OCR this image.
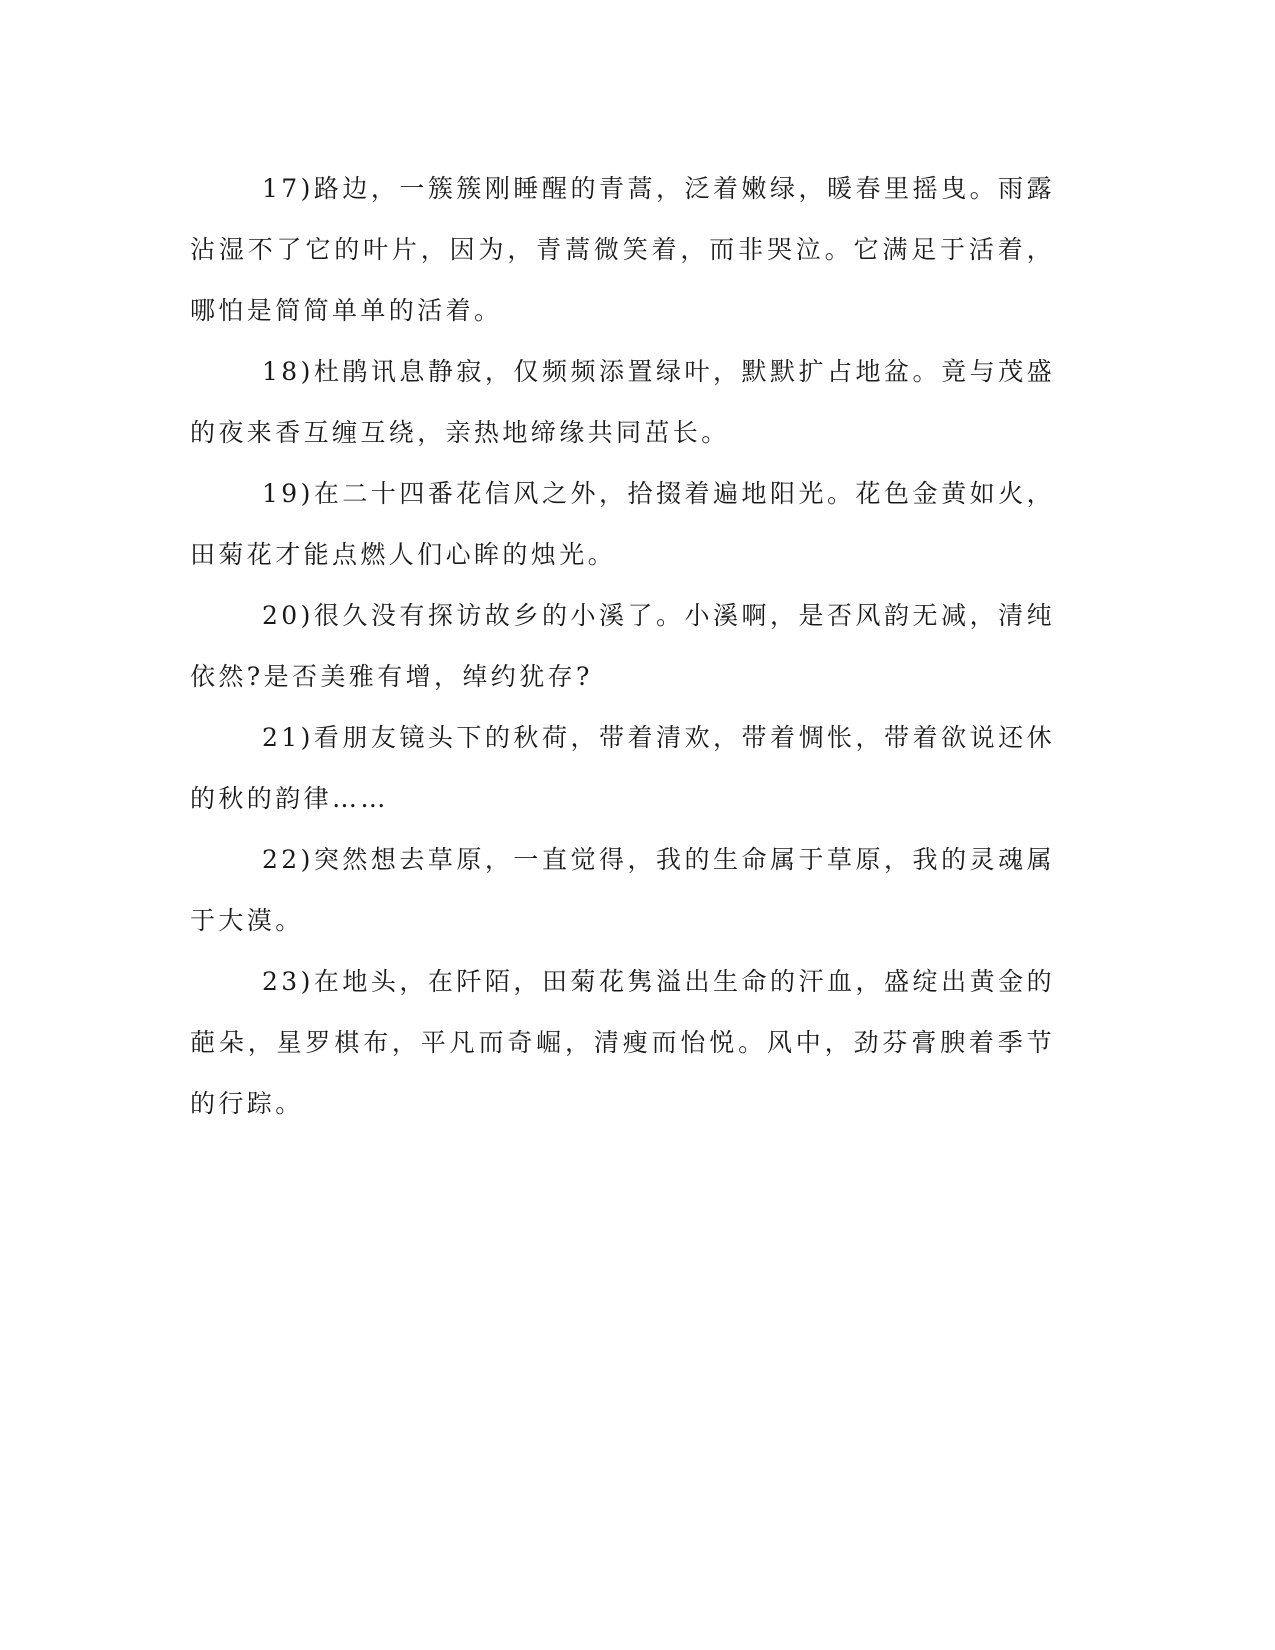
17)路边，一簇簇刚睡醒的青蒿，泛着嫩绿，暖春里摇曳。雨露沾湿不了它的叶片，因为，青蒿微笑着，而非哭泣。它满足于活着，哪怕是简简单单的活着。

18)杜鹃讯息静寂，仅频频添置绿叶，默默扩占地盆。竟与茂盛的夜来香互缠互绕，亲热地缔缘共同茁长。

19)在二十四番花信风之外，拾掇着遍地阳光。花色金黄如火，田菊花才能点燃人们心眸的烛光。

20)很久没有探访故乡的小溪了。小溪啊，是否风韵无减，清纯依然?是否美雅有增，绰约犹存?

21)看朋友镜头下的秋荷，带着清欢，带着惆怅，带着欲说还休的秋的韵律……

22)突然想去草原，一直觉得，我的生命属于草原，我的灵魂属于大漠。

23)在地头，在阡陌，田菊花隽溢出生命的汗血，盛绽出黄金的葩朵，星罗棋布，平凡而奇崛，清瘦而怡悦。风中，劲芬膏腴着季节的行踪。
